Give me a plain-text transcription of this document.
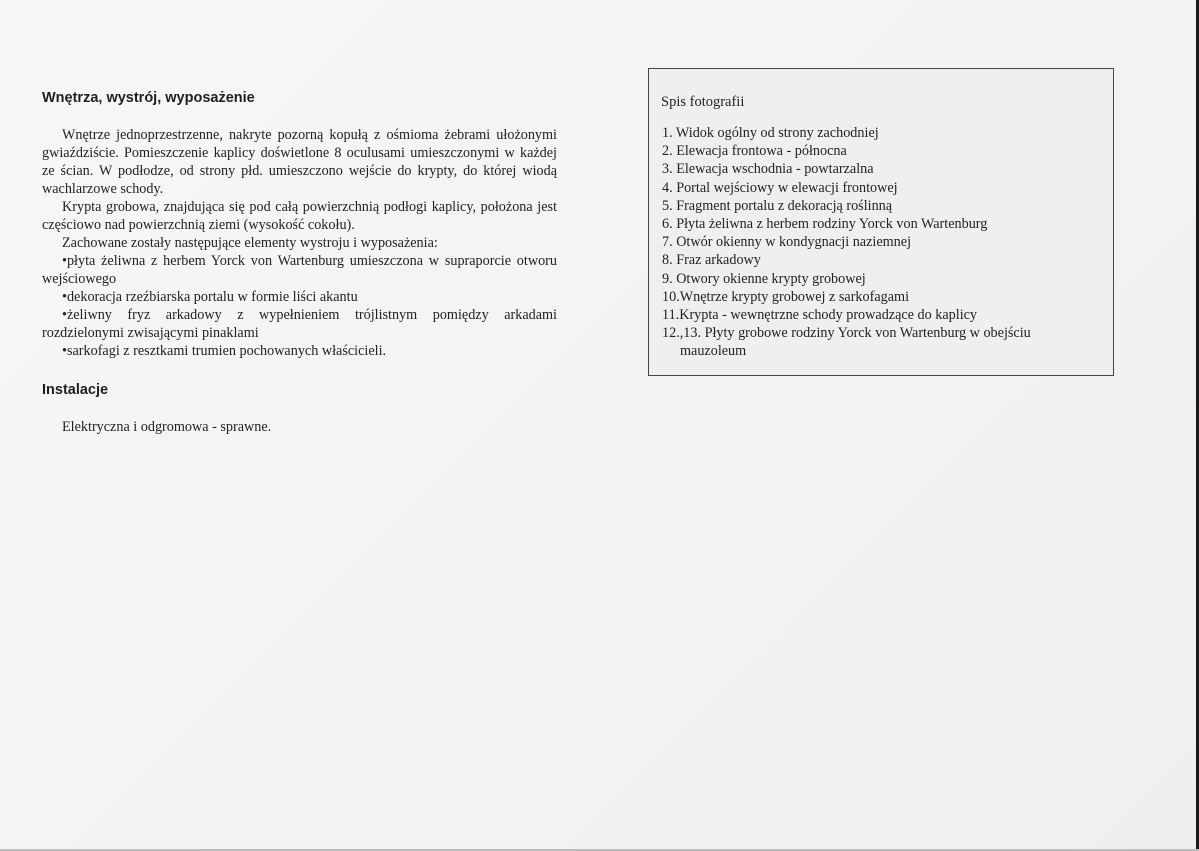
Wnętrza, wystrój, wyposażenie

Wnętrze jednoprzestrzenne, nakryte pozorną kopułą z ośmioma żebrami ułożonymi gwiaździście. Pomieszczenie kaplicy doświetlone 8 oculusami umieszczonymi w każdej ze ścian. W podłodze, od strony płd. umieszczono wejście do krypty, do której wiodą wachlarzowe schody.

Krypta grobowa, znajdująca się pod całą powierzchnią podłogi kaplicy, położona jest częściowo nad powierzchnią ziemi (wysokość cokołu).

Zachowane zostały następujące elementy wystroju i wyposażenia:

•płyta żeliwna z herbem Yorck von Wartenburg umieszczona w supraporcie otworu wejściowego

•dekoracja rzeźbiarska portalu w formie liści akantu

•żeliwny fryz arkadowy z wypełnieniem trójlistnym pomiędzy arkadami rozdzielonymi zwisającymi pinaklami

•sarkofagi z resztkami trumien pochowanych właścicieli.

Instalacje

Elektryczna i odgromowa - sprawne.

Spis fotografii
1. Widok ogólny od strony zachodniej
2. Elewacja frontowa - północna
3. Elewacja wschodnia - powtarzalna
4. Portal wejściowy w elewacji frontowej
5. Fragment portalu z dekoracją roślinną
6. Płyta żeliwna z herbem rodziny Yorck von Wartenburg
7. Otwór okienny w kondygnacji naziemnej
8. Fraz arkadowy
9. Otwory okienne krypty grobowej
10.Wnętrze krypty grobowej z sarkofagami
11.Krypta - wewnętrzne schody prowadzące do kaplicy
12.,13. Płyty grobowe rodziny Yorck von Wartenburg w obejściu
mauzoleum
